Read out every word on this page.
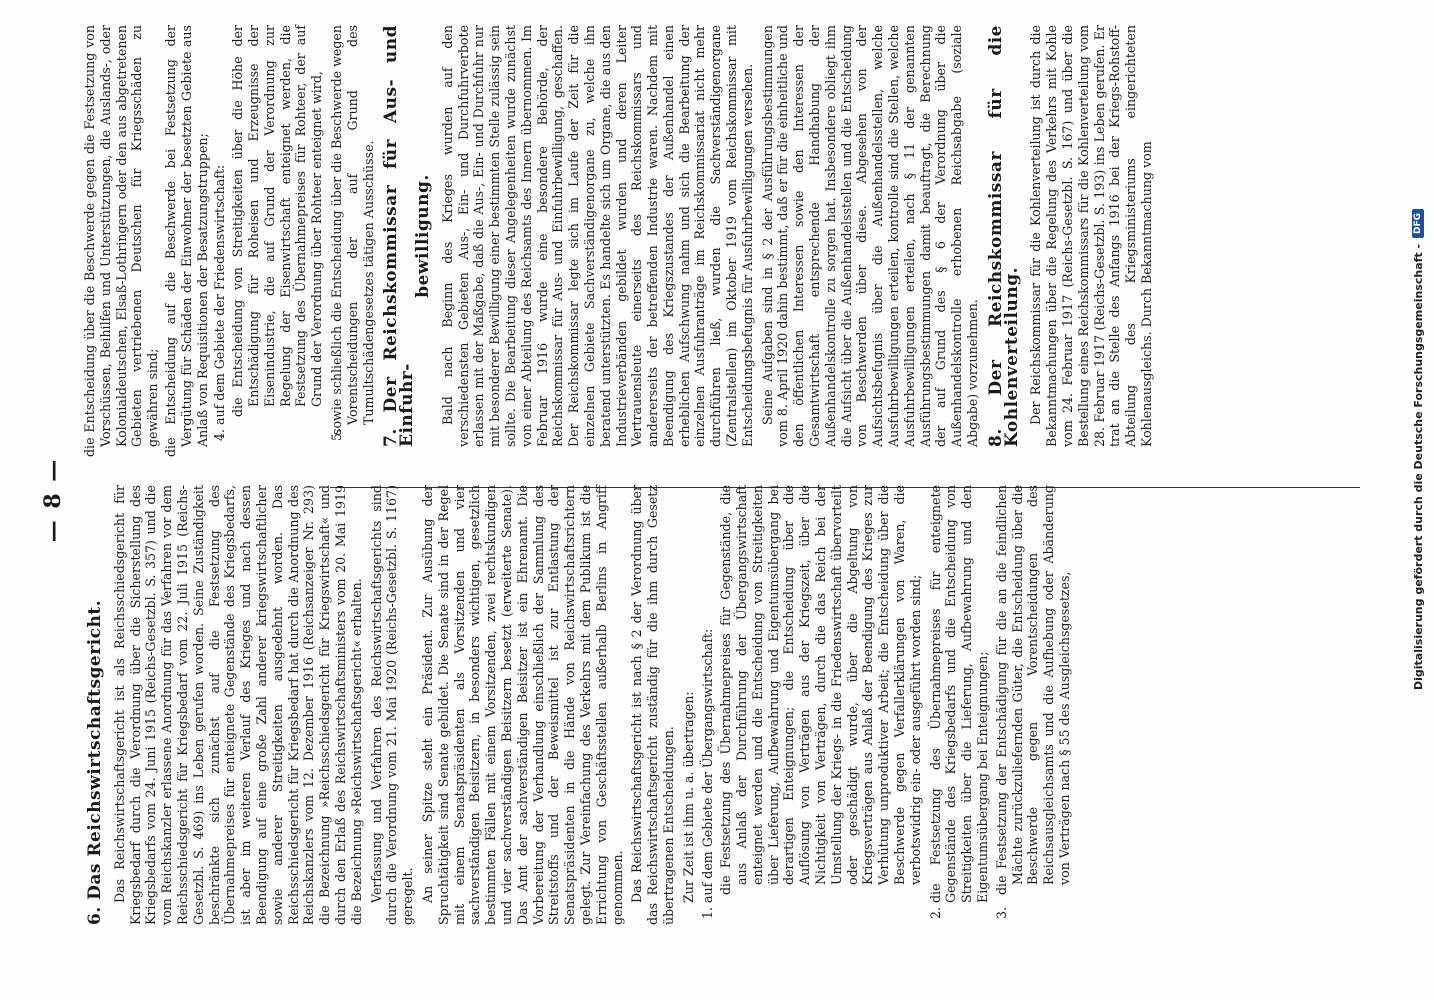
Digitalisierung gefördert durch die Deutsche Forschungsgemeinschaft -
DFG
— 8 —
6. Das Reichswirtschaftsgericht. Das Reichswirtschaftsgericht ist als Reichsschiedsgericht für Kriegsbedarf durch die Verordnung über die Sicherstellung des Kriegsbedarfs vom 24. Juni 1915 (Reichs-Gesetzbl. S. 357) und die vom Reichskanzler erlassene Anordnung für das Verfahren vor dem Reichsschiedsgericht für Kriegsbedarf vom 22. Juli 1915 (Reichs-Gesetzbl. S. 469) ins Leben gerufen worden. Seine Zuständigkeit beschränkte sich zunächst auf die Festsetzung des Übernahmepreises für enteignete Gegenstände des Kriegsbedarfs, ist aber im weiteren Verlauf des Krieges und nach dessen Beendigung auf eine große Zahl anderer kriegswirtschaftlicher sowie anderer Streitigkeiten ausgedehnt worden. Das Reichsschiedsgericht für Kriegsbedarf hat durch die Anordnung des Reichskanzlers vom 12. Dezember 1916 (Reichsanzeiger Nr. 293) die Bezeichnung »Reichsschiedsgericht für Kriegswirtschaft« und durch den Erlaß des Reichswirtschaftsministers vom 20. Mai 1919 die Bezeichnung »Reichswirtschaftsgericht« erhalten. Verfassung und Verfahren des Reichswirtschaftsgerichts sind durch die Verordnung vom 21. Mai 1920 (Reichs-Gesetzbl. S. 1167) geregelt. An seiner Spitze steht ein Präsident. Zur Ausübung der Spruchtätigkeit sind Senate gebildet. Die Senate sind in der Regel mit einem Senatspräsidenten als Vorsitzenden und vier sachverständigen Beisitzern, in besonders wichtigen, gesetzlich bestimmten Fällen mit einem Vorsitzenden, zwei rechtskundigen und vier sachverständigen Beisitzern besetzt (erweiterte Senate). Das Amt der sachverständigen Beisitzer ist ein Ehrenamt. Die Vorbereitung der Verhandlung einschließlich der Sammlung des Streitstoffs und der Beweismittel ist zur Entlastung der Senatspräsidenten in die Hände von Reichswirtschaftsrichtern gelegt. Zur Vereinfachung des Verkehrs mit dem Publikum ist die Errichtung von Geschäftsstellen außerhalb Berlins in Angriff genommen. Das Reichswirtschaftsgericht ist nach § 2 der Verordnung über das Reichswirtschaftsgericht zuständig für die ihm durch Gesetz übertragenen Entscheidungen. Zur Zeit ist ihm u. a. übertragen: 1. auf dem Gebiete der Übergangswirtschaft: die Festsetzung des Übernahmepreises für Gegenstände, die aus Anlaß der Durchführung der Übergangswirtschaft enteignet werden und die Entscheidung von Streitigkeiten über Lieferung, Aufbewahrung und Eigentumsübergang bei derartigen Enteignungen; die Entscheidung über die Auflösung von Verträgen aus der Kriegszeit, über die Nichtigkeit von Verträgen, durch die das Reich bei der Umstellung der Kriegs- in die Friedenswirtschaft übervorteilt oder geschädigt wurde, über die Abgeltung von Kriegsverträgen aus Anlaß der Beendigung des Krieges zur Verhütung unproduktiver Arbeit; die Entscheidung über die Beschwerde gegen Verfallerklärungen von Waren, die verbotswidrig ein- oder ausgeführt worden sind; 2. die Festsetzung des Übernahmepreises für enteignete Gegenstände des Kriegsbedarfs und die Entscheidung von Streitigkeiten über die Lieferung, Aufbewahrung und den Eigentumsübergang bei Enteignungen; 3. die Festsetzung der Entschädigung für die an die feindlichen Mächte zurückzuliefernden Güter, die Entscheidung über die Beschwerde gegen Vorentscheidungen des Reichsausgleichsamts und die Aufhebung oder Abänderung von Verträgen nach § 55 des Ausgleichsgesetzes,
die Entscheidung über die Beschwerde gegen die Festsetzung von Vorschüssen, Beihilfen und Unterstützungen, die Auslands-, oder Kolonialdeutschen, Elsaß-Lothringern oder den aus abgetretenen Gebieten vertriebenen Deutschen für Kriegsschäden zu gewähren sind; die Entscheidung auf die Beschwerde bei Festsetzung der Vergütung für Schäden der Einwohner der besetzten Gebiete aus Anlaß von Requisitionen der Besatzungstruppen; 4. auf dem Gebiete der Friedenswirtschaft: die Entscheidung von Streitigkeiten über die Höhe der Entschädigung für Roheisen und Erzeugnisse der Eisenindustrie, die auf Grund der Verordnung zur Regelung der Eisenwirtschaft enteignet werden, die Festsetzung des Übernahmepreises für Rohteer, der auf Grund der Verordnung über Rohteer enteignet wird, 5. sowie schließlich die Entscheidung über die Beschwerde wegen Vorentscheidungen der auf Grund des Tumultschädengesetzes tätigen Ausschüsse. 7. Der Reichskommissar für Aus- und Einfuhr-
bewilligung. Bald nach Beginn des Krieges wurden auf den verschiedensten Gebieten Aus-, Ein- und Durchfuhrverbote erlassen mit der Maßgabe, daß die Aus-, Ein- und Durchfuhr nur mit besonderer Bewilligung einer bestimmten Stelle zulässig sein sollte. Die Bearbeitung dieser Angelegenheiten wurde zunächst von einer Abteilung des Reichsamts des Innern übernommen. Im Februar 1916 wurde eine besondere Behörde, der Reichskommissar für Aus- und Einfuhrbewilligung, geschaffen. Der Reichskommissar legte sich im Laufe der Zeit für die einzelnen Gebiete Sachverständigenorgane zu, welche ihn beratend unterstützten. Es handelte sich um Organe, die aus den Industrieverbänden gebildet wurden und deren Leiter Vertrauensleute einerseits des Reichskommissars und andererseits der betreffenden Industrie waren. Nachdem mit Beendigung des Kriegszustandes der Außenhandel einen erheblichen Aufschwung nahm und sich die Bearbeitung der einzelnen Ausfuhranträge im Reichskommissariat nicht mehr durchführen ließ, wurden die Sachverständigenorgane (Zentralstellen) im Oktober 1919 vom Reichskommissar mit Entscheidungsbefugnis für Ausfuhrbewilligungen versehen. Seine Aufgaben sind in § 2 der Ausführungsbestimmungen vom 8. April 1920 dahin bestimmt, daß er für die einheitliche und den öffentlichen Interessen sowie den Interessen der Gesamtwirtschaft entsprechende Handhabung der Außenhandelskontrolle zu sorgen hat. Insbesondere obliegt ihm die Aufsicht über die Außenhandelsstellen und die Entscheidung von Beschwerden über diese. Abgesehen von der Aufsichtsbefugnis über die Außenhandelsstellen, welche Ausfuhrbewilligungen erteilen, kontrolle sind die Stellen, welche Ausfuhrbewilligungen erteilen, nach § 11 der genannten Ausführungsbestimmungen damit beauftragt, die Berechnung der auf Grund des § 6 der Verordnung über die Außenhandelskontrolle erhobenen Reichsabgabe (soziale Abgabe) vorzunehmen. 8. Der Reichskommissar für die Kohlenverteilung. Der Reichskommissar für die Kohlenverteilung ist durch die Bekanntmachungen über die Regelung des Verkehrs mit Kohle vom 24. Februar 1917 (Reichs-Gesetzbl. S. 167) und über die Bestellung eines Reichskommissars für die Kohlenverteilung vom 28. Februar 1917 (Reichs-Gesetzbl. S. 193) ins Leben gerufen. Er trat an die Stelle des Anfangs 1916 bei der Kriegs-Rohstoff-Abteilung des Kriegsministeriums eingerichteten Kohlenausgleichs. Durch Bekanntmachung vom
